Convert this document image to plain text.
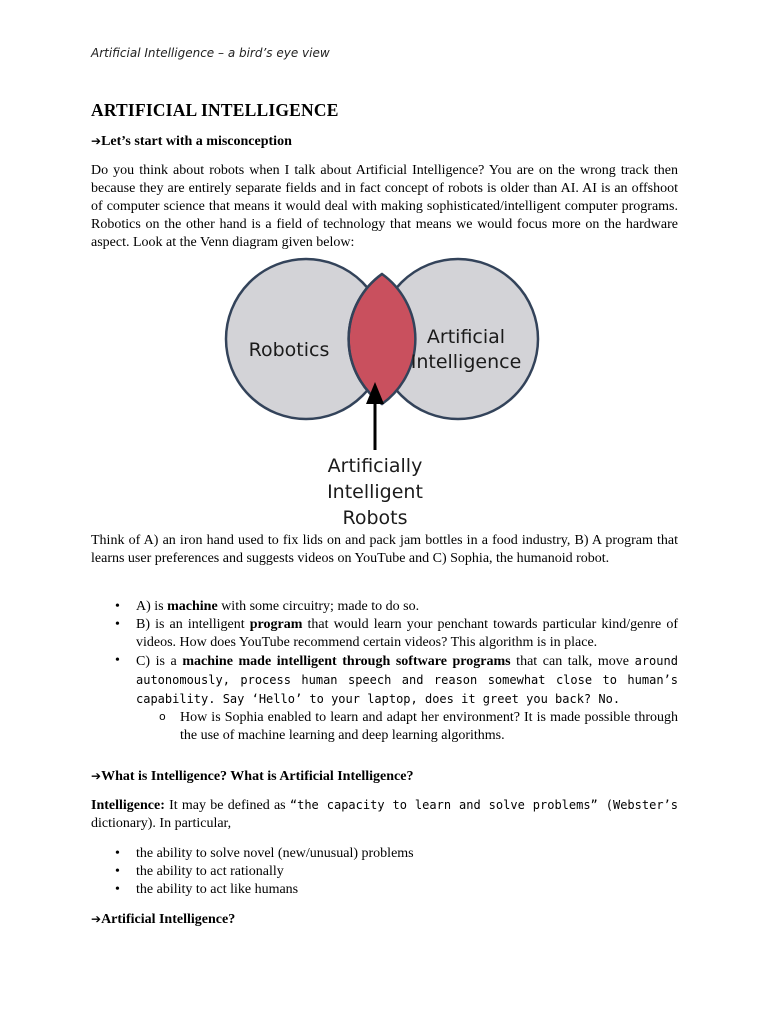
Artificial Intelligence – a bird’s eye view
ARTIFICIAL INTELLIGENCE
➔Let’s start with a misconception

Do you think about robots when I talk about Artificial Intelligence? You are on the wrong track then because they are entirely separate fields and in fact concept of robots is older than AI. AI is an offshoot of computer science that means it would deal with making sophisticated/intelligent computer programs. Robotics on the other hand is a field of technology that means we would focus more on the hardware aspect. Look at the Venn diagram given below:

Robotics
Artificial
Intelligence
Artificially
Intelligent
Robots

Think of A) an iron hand used to fix lids on and pack jam bottles in a food industry, B) A program that learns user preferences and suggests videos on YouTube and C) Sophia, the humanoid robot.

• A) is machine with some circuitry; made to do so.
• B) is an intelligent program that would learn your penchant towards particular kind/genre of videos. How does YouTube recommend certain videos? This algorithm is in place.
• C) is a machine made intelligent through software programs that can talk, move around autonomously, process human speech and reason somewhat close to human’s capability. Say ‘Hello’ to your laptop, does it greet you back? No.
o How is Sophia enabled to learn and adapt her environment? It is made possible through the use of machine learning and deep learning algorithms.
➔What is Intelligence? What is Artificial Intelligence?

Intelligence: It may be defined as “the capacity to learn and solve problems” (Webster’s dictionary). In particular,

• the ability to solve novel (new/unusual) problems
• the ability to act rationally
• the ability to act like humans
➔Artificial Intelligence?
